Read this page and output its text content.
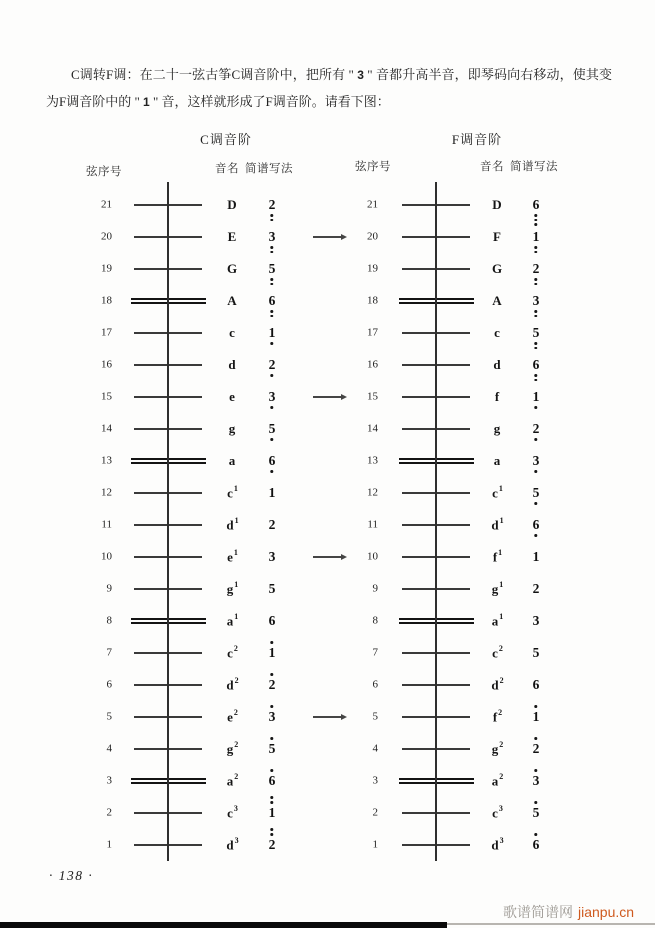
C调转F调：在二十一弦古筝C调音阶中，把所有 " 3 " 音都升高半音，即琴码向右移动，使其变为F调音阶中的 " 1 " 音，这样就形成了F调音阶。请看下图：

C调音阶	F调音阶
弦序号	音名 简谱写法	弦序号	音名 简谱写法
21	D 2	21	D 6
20	E 3	20	F 1
19	G 5	19	G 2
18	A 6	18	A 3
17	c 1	17	c 5
16	d 2	16	d 6
15	e 3	15	f 1
14	g 5	14	g 2
13	a 6	13	a 3
12	$c^1$ 1	12	$c^1$ 5
11	$d^1$ 2	11	$d^1$ 6
10	$e^1$ 3	10	$f^1$ 1
9	$g^1$ 5	9	$g^1$ 2
8	$a^1$ 6	8	$a^1$ 3
7	$c^2$ 1	7	$c^2$ 5
6	$d^2$ 2	6	$d^2$ 6
5	$e^2$ 3	5	$f^2$ 1
4	$g^2$ 5	4	$g^2$ 2
3	$a^2$ 6	3	$a^2$ 3
2	$c^3$ 1	2	$c^3$ 5
1	$d^3$ 2	1	$d^3$ 6
· 138 ·
歌谱简谱网 jianpu.cn
